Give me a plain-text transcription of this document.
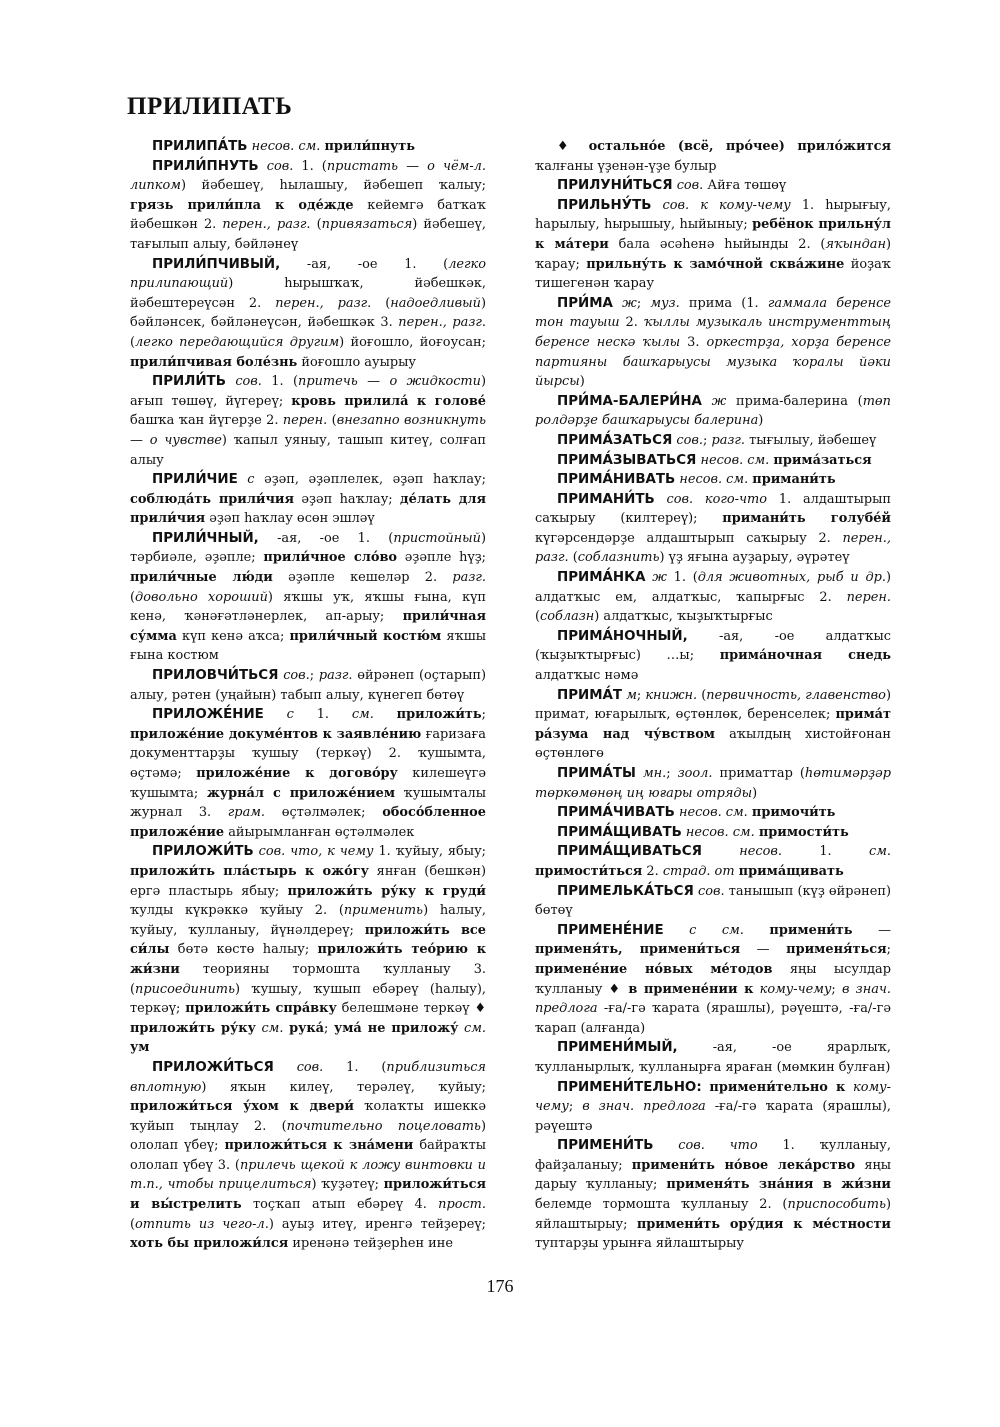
ПРИЛИПАТЬ

ПРИЛИПА́ТЬ несов. см. прили́пнуть

ПРИЛИ́ПНУТЬ сов. 1. (пристать — о чём-л. липком) йәбешеү, һылашыу, йәбешеп ҡалыу; грязь прили́пла к оде́жде кейемгә батҡаҡ йәбешкән 2. перен., разг. (привязаться) йәбешеү, тағылып алыу, бәйләнеү

ПРИЛИ́ПЧИВЫЙ, -ая, -ое 1. (легко прилипающий) һырышҡаҡ, йәбешкәк, йәбештереүсән 2. перен., разг. (надоедливый) бәйләнсек, бәйләнеүсән, йәбешкәк 3. перен., разг. (легко передающийся другим) йоғошло, йоғоусан; прили́пчивая боле́знь йоғошло ауырыу

ПРИЛИ́ТЬ сов. 1. (притечь — о жидкости) ағып төшөү, йүгереү; кровь прилила́ к голове́ башҡа ҡан йүгерҙе 2. перен. (внезапно возникнуть — о чувстве) ҡапыл уяныу, ташып китеү, солғап алыу

ПРИЛИ́ЧИЕ с әҙәп, әҙәплелек, әҙәп һаҡлау; соблюда́ть прили́чия әҙәп һаҡлау; де́лать для прили́чия әҙәп һаҡлау өсөн эшләү

ПРИЛИ́ЧНЫЙ, -ая, -ое 1. (пристойный) тәрбиәле, әҙәпле; прили́чное сло́во әҙәпле һүҙ; прили́чные лю́ди әҙәпле кешеләр 2. разг. (довольно хороший) яҡшы уҡ, яҡшы ғына, күп кенә, ҡәнәғәтләнерлек, ап-арыу; прили́чная су́мма күп кенә аҡса; прили́чный костю́м яҡшы ғына костюм

ПРИЛОВЧИ́ТЬСЯ сов.; разг. өйрәнеп (оҫтарып) алыу, рәтен (уңайын) табып алыу, күнегеп бөтөү

ПРИЛОЖЕ́НИЕ с 1. см. приложи́ть; приложе́ние докуме́нтов к заявле́нию ғаризаға документтарҙы ҡушыу (теркәү) 2. ҡушымта, өҫтәмә; приложе́ние к догово́ру килешеүгә ҡушымта; журна́л с приложе́нием ҡушымталы журнал 3. грам. өҫтәлмәлек; обосо́бленное приложе́ние айырымланған өҫтәлмәлек

ПРИЛОЖИ́ТЬ сов. что, к чему 1. ҡуйыу, ябыу; приложи́ть пла́стырь к ожо́гу янған (бешкән) ергә пластырь ябыу; приложи́ть ру́ку к груди́ ҡулды күкрәккә ҡуйыу 2. (применить) һалыу, ҡуйыу, ҡулланыу, йүнәлдереү; приложи́ть все си́лы бөтә көстө һалыу; приложи́ть тео́рию к жи́зни теорияны тормошта ҡулланыу 3. (присоединить) ҡушыу, ҡушып ебәреү (һалыу), теркәү; приложи́ть спра́вку белешмәне теркәү ♦ приложи́ть ру́ку см. рука́; ума́ не приложу́ см. ум

ПРИЛОЖИ́ТЬСЯ сов. 1. (приблизиться вплотную) яҡын килеү, терәлеү, ҡуйыу; приложи́ться у́хом к двери́ ҡолаҡты ишеккә ҡуйып тыңлау 2. (почтительно поцеловать) ололап үбеү; приложи́ться к зна́мени байраҡты ололап үбеү 3. (прилечь щекой к ложу винтовки и т.п., чтобы прицелиться) ҡуҙәтеү; приложи́ться и вы́стрелить тоҫҡап атып ебәреү 4. прост. (отпить из чего-л.) ауыҙ итеү, иренгә тейҙереү; хоть бы приложи́лся иренәнә тейҙерһен ине

♦ остально́е (всё, про́чее) прило́жится ҡалғаны үҙенән-үҙе булыр

ПРИЛУНИ́ТЬСЯ сов. Айға төшөү

ПРИЛЬНУ́ТЬ сов. к кому-чему 1. һырығыу, һарылыу, һырышыу, һыйыныу; ребёнок прильну́л к ма́тери бала әсәһенә һыйынды 2. (яҡындан) ҡарау; прильну́ть к замо́чной сква́жине йоҙаҡ тишегенән ҡарау

ПРИ́МА ж; муз. прима (1. гаммала беренсе тон тауыш 2. ҡыллы музыкаль инструменттың беренсе нескә ҡылы 3. оркестрҙа, хорҙа беренсе партияны башҡарыусы музыка ҡоралы йәки йырсы)

ПРИ́МА-БАЛЕРИ́НА ж прима-балерина (төп ролдәрҙе башҡарыусы балерина)

ПРИМА́ЗАТЬСЯ сов.; разг. тығылыу, йәбешеү

ПРИМА́ЗЫВАТЬСЯ несов. см. прима́заться

ПРИМА́НИВАТЬ несов. см. примани́ть

ПРИМАНИ́ТЬ сов. кого-что 1. алдаштырып саҡырыу (килтереү); примани́ть голубе́й күгәрсендәрҙе алдаштырып саҡырыу 2. перен., разг. (соблазнить) үҙ яғына ауҙарыу, әүрәтеү

ПРИМА́НКА ж 1. (для животных, рыб и др.) алдатҡыс ем, алдатҡыс, ҡапырғыс 2. перен. (соблазн) алдатҡыс, ҡыҙыҡтырғыс

ПРИМА́НОЧНЫЙ, -ая, -ое алдатҡыс (ҡыҙыҡтырғыс) …ы; прима́ночная снедь алдатҡыс нәмә

ПРИМА́Т м; книжн. (первичность, главенство) примат, юғарылыҡ, өҫтөнлөк, беренселек; прима́т ра́зума над чу́вством аҡылдың хистойғонан өҫтөнлөгө

ПРИМА́ТЫ мн.; зоол. приматтар (һөтимәрҙәр төркөмөнөң иң юғары отряды)

ПРИМА́ЧИВАТЬ несов. см. примочи́ть

ПРИМА́ЩИВАТЬ несов. см. примости́ть

ПРИМА́ЩИВАТЬСЯ	несов. 1. см. примости́ться 2. страд. от прима́щивать

ПРИМЕЛЬКА́ТЬСЯ сов. танышып (күҙ өйрәнеп) бөтөү

ПРИМЕНЕ́НИЕ с см. примени́ть — применя́ть, примени́ться — применя́ться; примене́ние но́вых ме́тодов яңы ысулдар ҡулланыу ♦ в примене́нии к кому-чему; в знач. предлога -ға/-гә ҡарата (ярашлы), рәүештә, -ға/-гә ҡарап (алғанда)

ПРИМЕНИ́МЫЙ, -ая, -ое ярарлыҡ, ҡулланырлыҡ, ҡулланырға яраған (мөмкин булған)

ПРИМЕНИ́ТЕЛЬНО: примени́тельно к кому-чему; в знач. предлога -ға/-гә ҡарата (ярашлы), рәүештә

ПРИМЕНИ́ТЬ сов. что 1. ҡулланыу, файҙаланыу; примени́ть но́вое лека́рство яңы дарыу ҡулланыу; применя́ть зна́ния в жи́зни белемде тормошта ҡулланыу 2. (приспособить) яйлаштырыу; примени́ть ору́дия к ме́стности туптарҙы урынға яйлаштырыу

176
